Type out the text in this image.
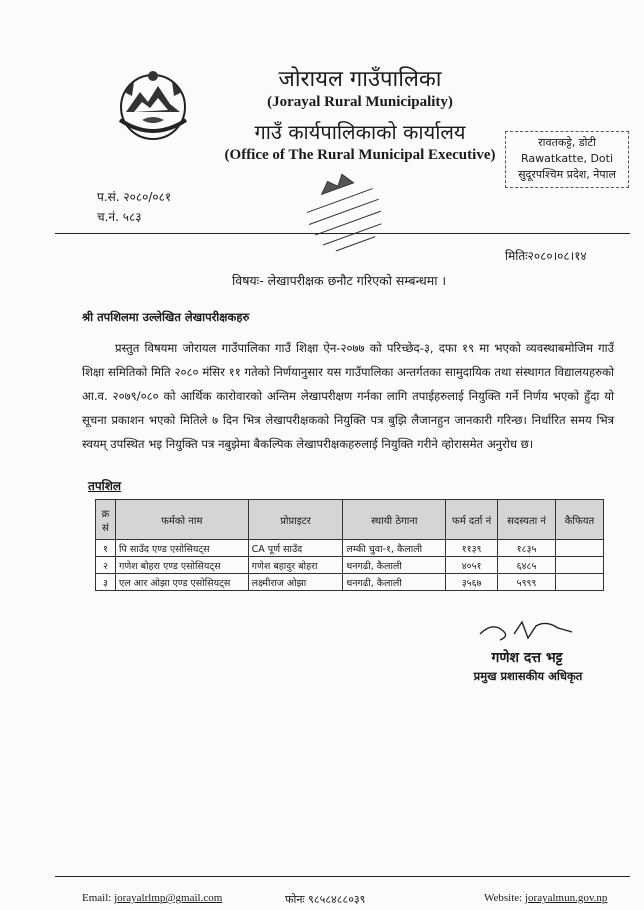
जोरायल गाउँपालिका
(Jorayal Rural Municipality)
गाउँ कार्यपालिकाको कार्यालय
(Office of The Rural Municipal Executive)
रावतकट्टे, डोटी
Rawatkatte, Doti
सुदूरपश्चिम प्रदेश, नेपाल
प.सं. २०८०/०८१
च.नं. ५८३
मितिः२०८०।०८।१४
विषयः- लेखापरीक्षक छनौट गरिएको सम्बन्धमा ।
श्री तपशिलमा उल्लेखित लेखापरीक्षकहरु
प्रस्तुत विषयमा जोरायल गाउँपालिका गाउँ शिक्षा ऐन-२०७७ को परिच्छेद-३, दफा १९ मा भएको व्यवस्थाबमोजिम गाउँ शिक्षा समितिको मिति २०८० मंसिर ११ गतेको निर्णयानुसार यस गाउँपालिका अन्तर्गतका सामुदायिक तथा संस्थागत विद्यालयहरुको आ.व. २०७९/०८० को आर्थिक कारोवारको अन्तिम लेखापरीक्षण गर्नका लागि तपाईहरुलाई नियुक्ति गर्ने निर्णय भएको हुँदा यो सूचना प्रकाशन भएको मितिले ७ दिन भित्र लेखापरीक्षकको नियुक्ति पत्र बुझि लैजानहुन जानकारी गरिन्छ। निर्धारित समय भित्र स्वयम् उपस्थित भइ नियुक्ति पत्र नबुझेमा बैकल्पिक लेखापरीक्षकहरुलाई नियुक्ति गरीने व्होरासमेत अनुरोध छ।
तपशिल
क्र सं	फर्मको नाम	प्रोप्राइटर	स्थायी ठेगाना	फर्म दर्ता नं	सदस्यता नं	कैफियत
१	पि साउँद एण्ड एसोसियट्स	CA पूर्ण साउँद	लम्की चुवा-१, कैलाली	११३९	१८३५	
२	गणेश बोहरा एण्ड एसोसियट्स	गणेश बहादुर बोहरा	धनगढी, कैलाली	४०५१	६४८५	
३	एल आर ओझा एण्ड एसोसियट्स	लक्ष्मीराज ओझा	धनगढी, कैलाली	३५६७	५९९९	
गणेश दत्त भट्ट
प्रमुख प्रशासकीय अधिकृत
Email: jorayalrlmp@gmail.com	फोनः ९८५८४८८०३९	Website: jorayalmun.gov.np
